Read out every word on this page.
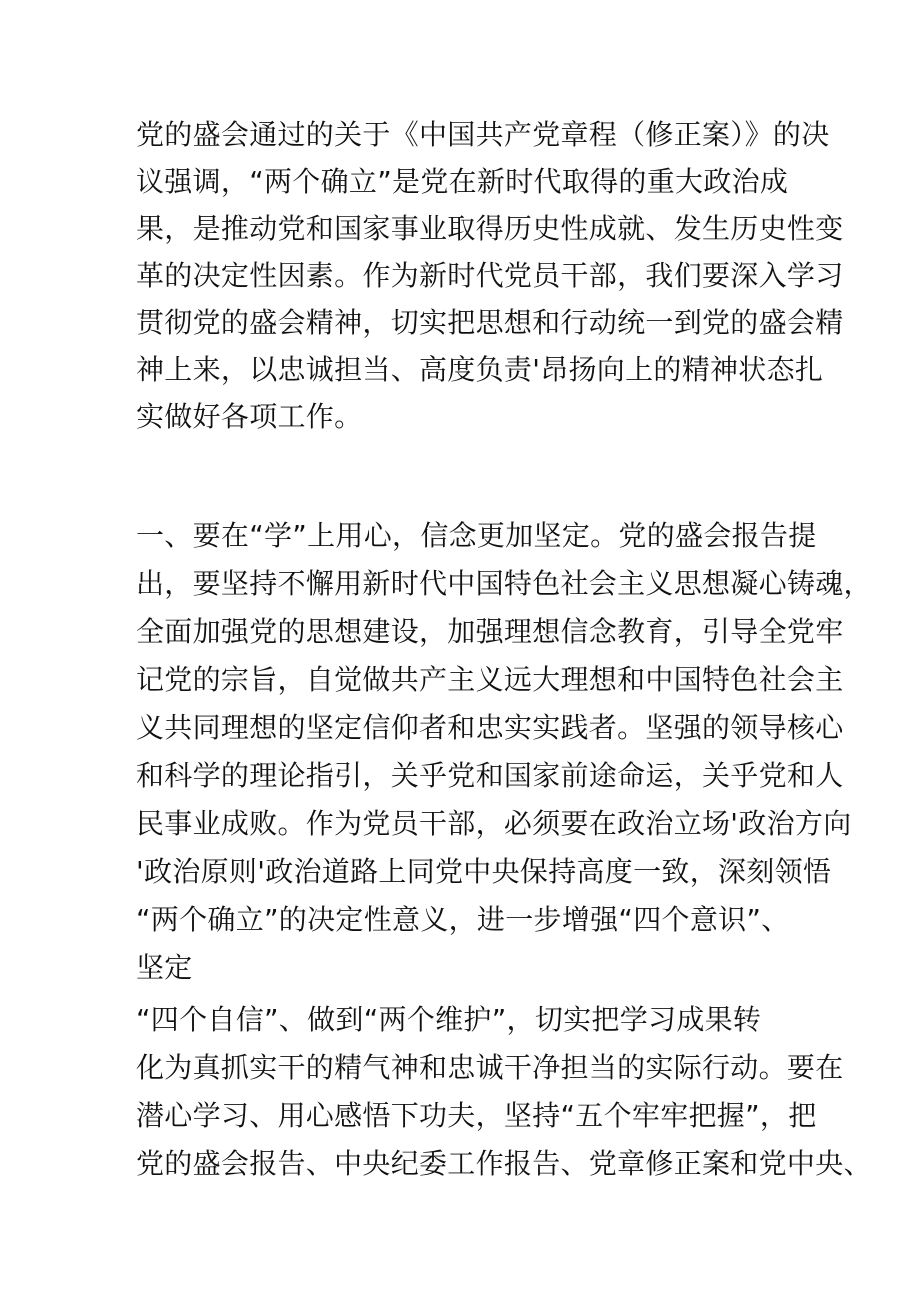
党的盛会通过的关于《中国共产党章程（修正案）》的决
议强调，“两个确立”是党在新时代取得的重大政治成
果，是推动党和国家事业取得历史性成就、发生历史性变
革的决定性因素。作为新时代党员干部，我们要深入学习
贯彻党的盛会精神，切实把思想和行动统一到党的盛会精
神上来，以忠诚担当、高度负责'昂扬向上的精神状态扎
实做好各项工作。
一、要在“学”上用心，信念更加坚定。党的盛会报告提
出，要坚持不懈用新时代中国特色社会主义思想凝心铸魂，
全面加强党的思想建设，加强理想信念教育，引导全党牢
记党的宗旨，自觉做共产主义远大理想和中国特色社会主
义共同理想的坚定信仰者和忠实实践者。坚强的领导核心
和科学的理论指引，关乎党和国家前途命运，关乎党和人
民事业成败。作为党员干部，必须要在政治立场'政治方向
'政治原则'政治道路上同党中央保持高度一致，深刻领悟
“两个确立”的决定性意义，进一步增强“四个意识”、
坚定
“四个自信”、做到“两个维护”，切实把学习成果转
化为真抓实干的精气神和忠诚干净担当的实际行动。要在
潜心学习、用心感悟下功夫，坚持“五个牢牢把握”，把
党的盛会报告、中央纪委工作报告、党章修正案和党中央、
